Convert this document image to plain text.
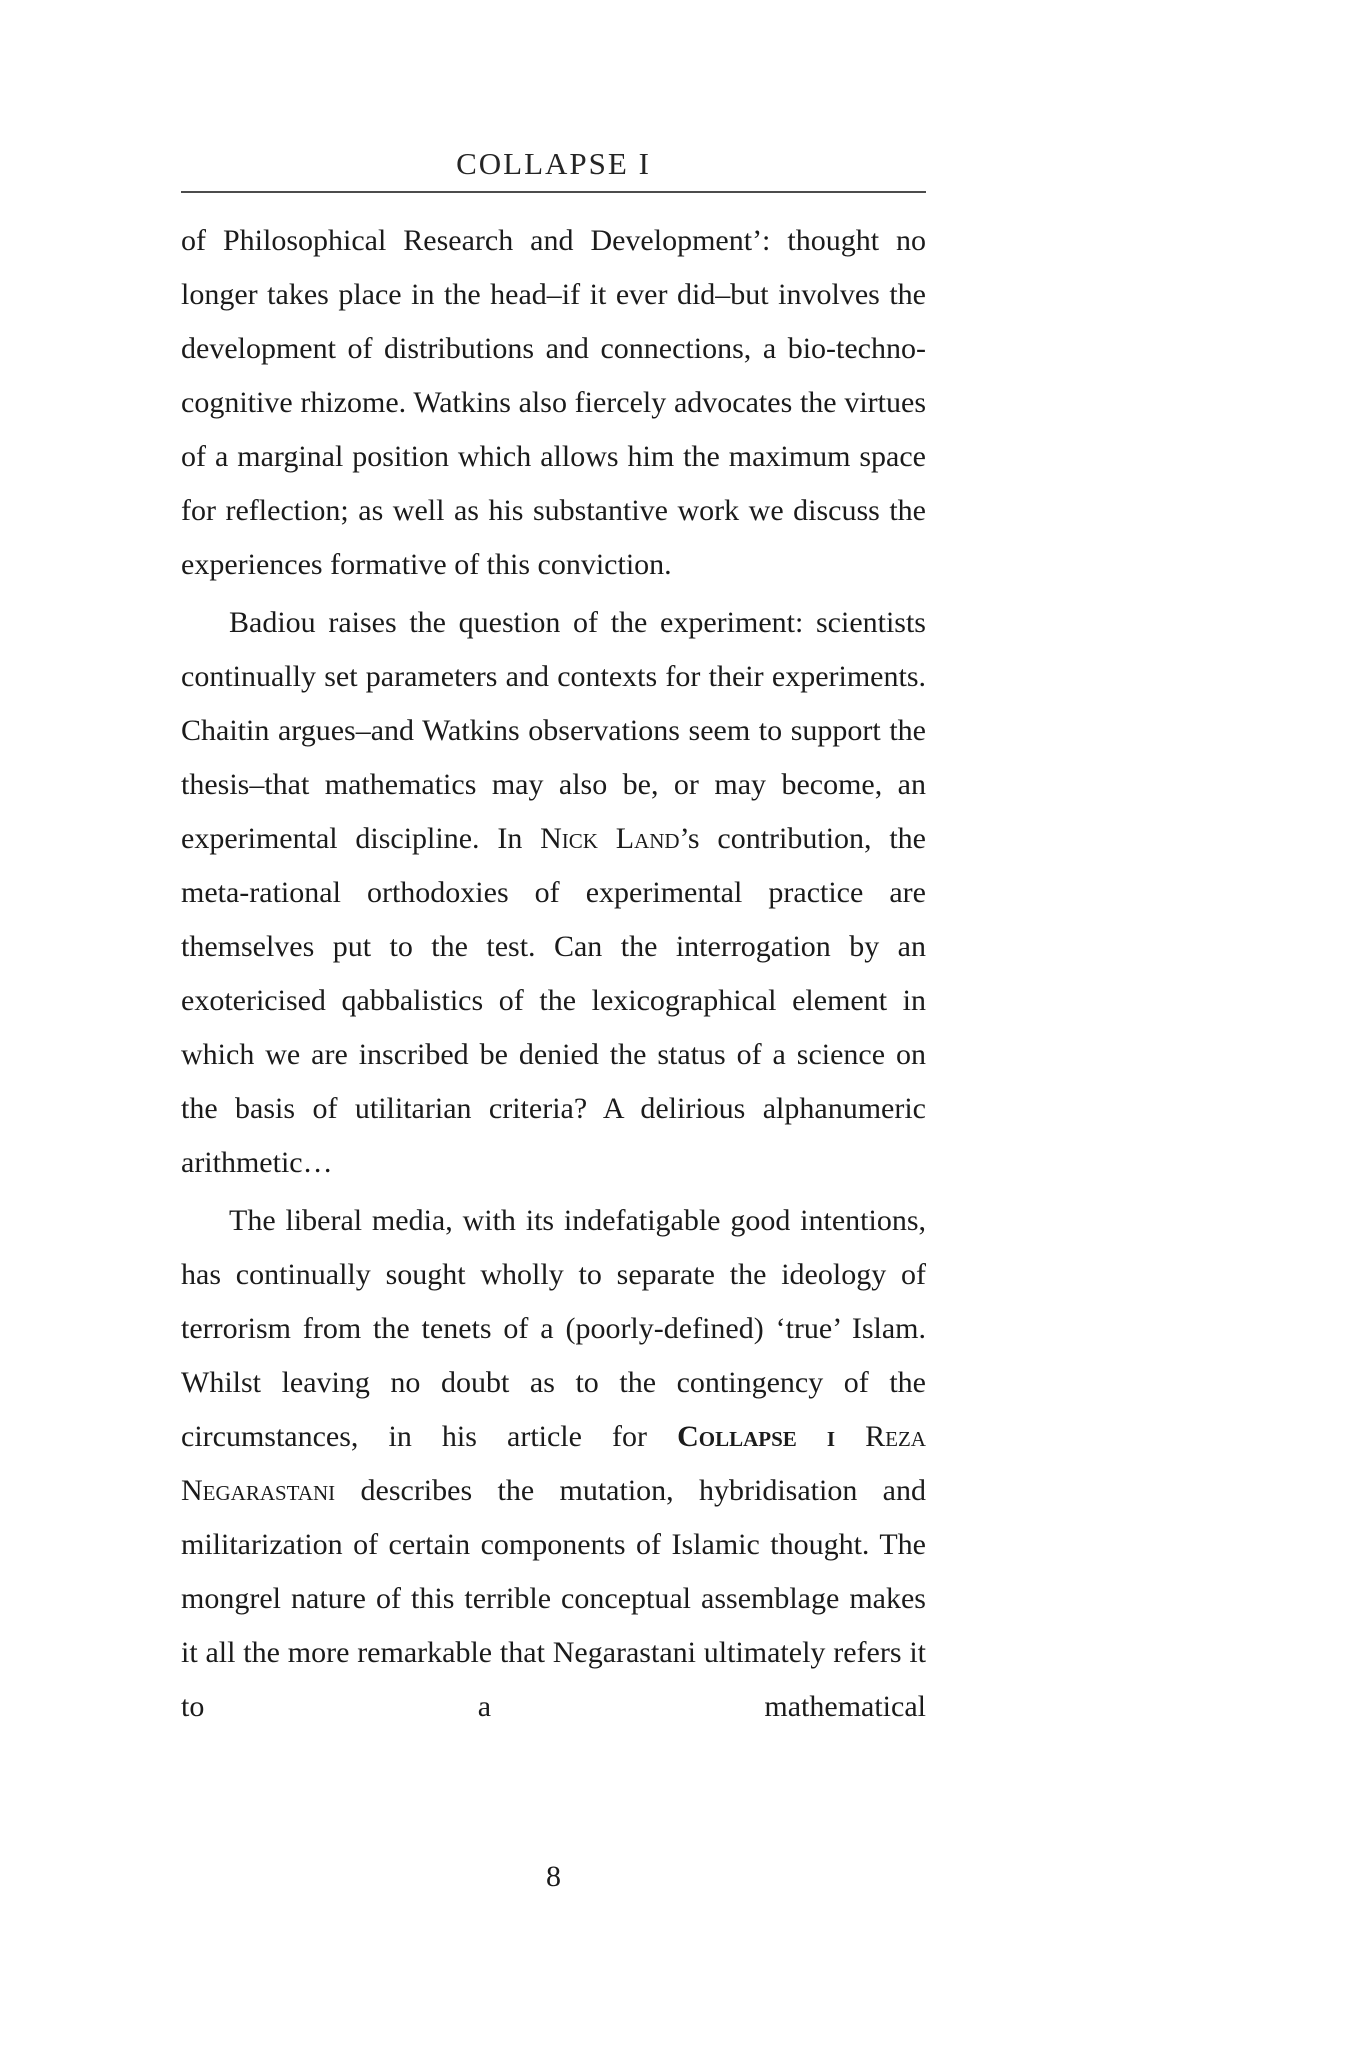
COLLAPSE I

of Philosophical Research and Development’: thought no longer takes place in the head–if it ever did–but involves the development of distributions and connections, a bio-techno-cognitive rhizome. Watkins also fiercely advocates the virtues of a marginal position which allows him the maximum space for reflection; as well as his substantive work we discuss the experiences formative of this conviction.

Badiou raises the question of the experiment: scientists continually set parameters and contexts for their experiments. Chaitin argues–and Watkins observations seem to support the thesis–that mathematics may also be, or may become, an experimental discipline. In Nick Land’s contribution, the meta-rational orthodoxies of experimental practice are themselves put to the test. Can the interrogation by an exotericised qabbalistics of the lexicographical element in which we are inscribed be denied the status of a science on the basis of utilitarian criteria? A delirious alphanumeric arithmetic…

The liberal media, with its indefatigable good intentions, has continually sought wholly to separate the ideology of terrorism from the tenets of a (poorly-defined) ‘true’ Islam. Whilst leaving no doubt as to the contingency of the circumstances, in his article for Collapse i Reza Negarastani describes the mutation, hybridisation and militarization of certain components of Islamic thought. The mongrel nature of this terrible conceptual assemblage makes it all the more remarkable that Negarastani ultimately refers it to a mathematical

8
